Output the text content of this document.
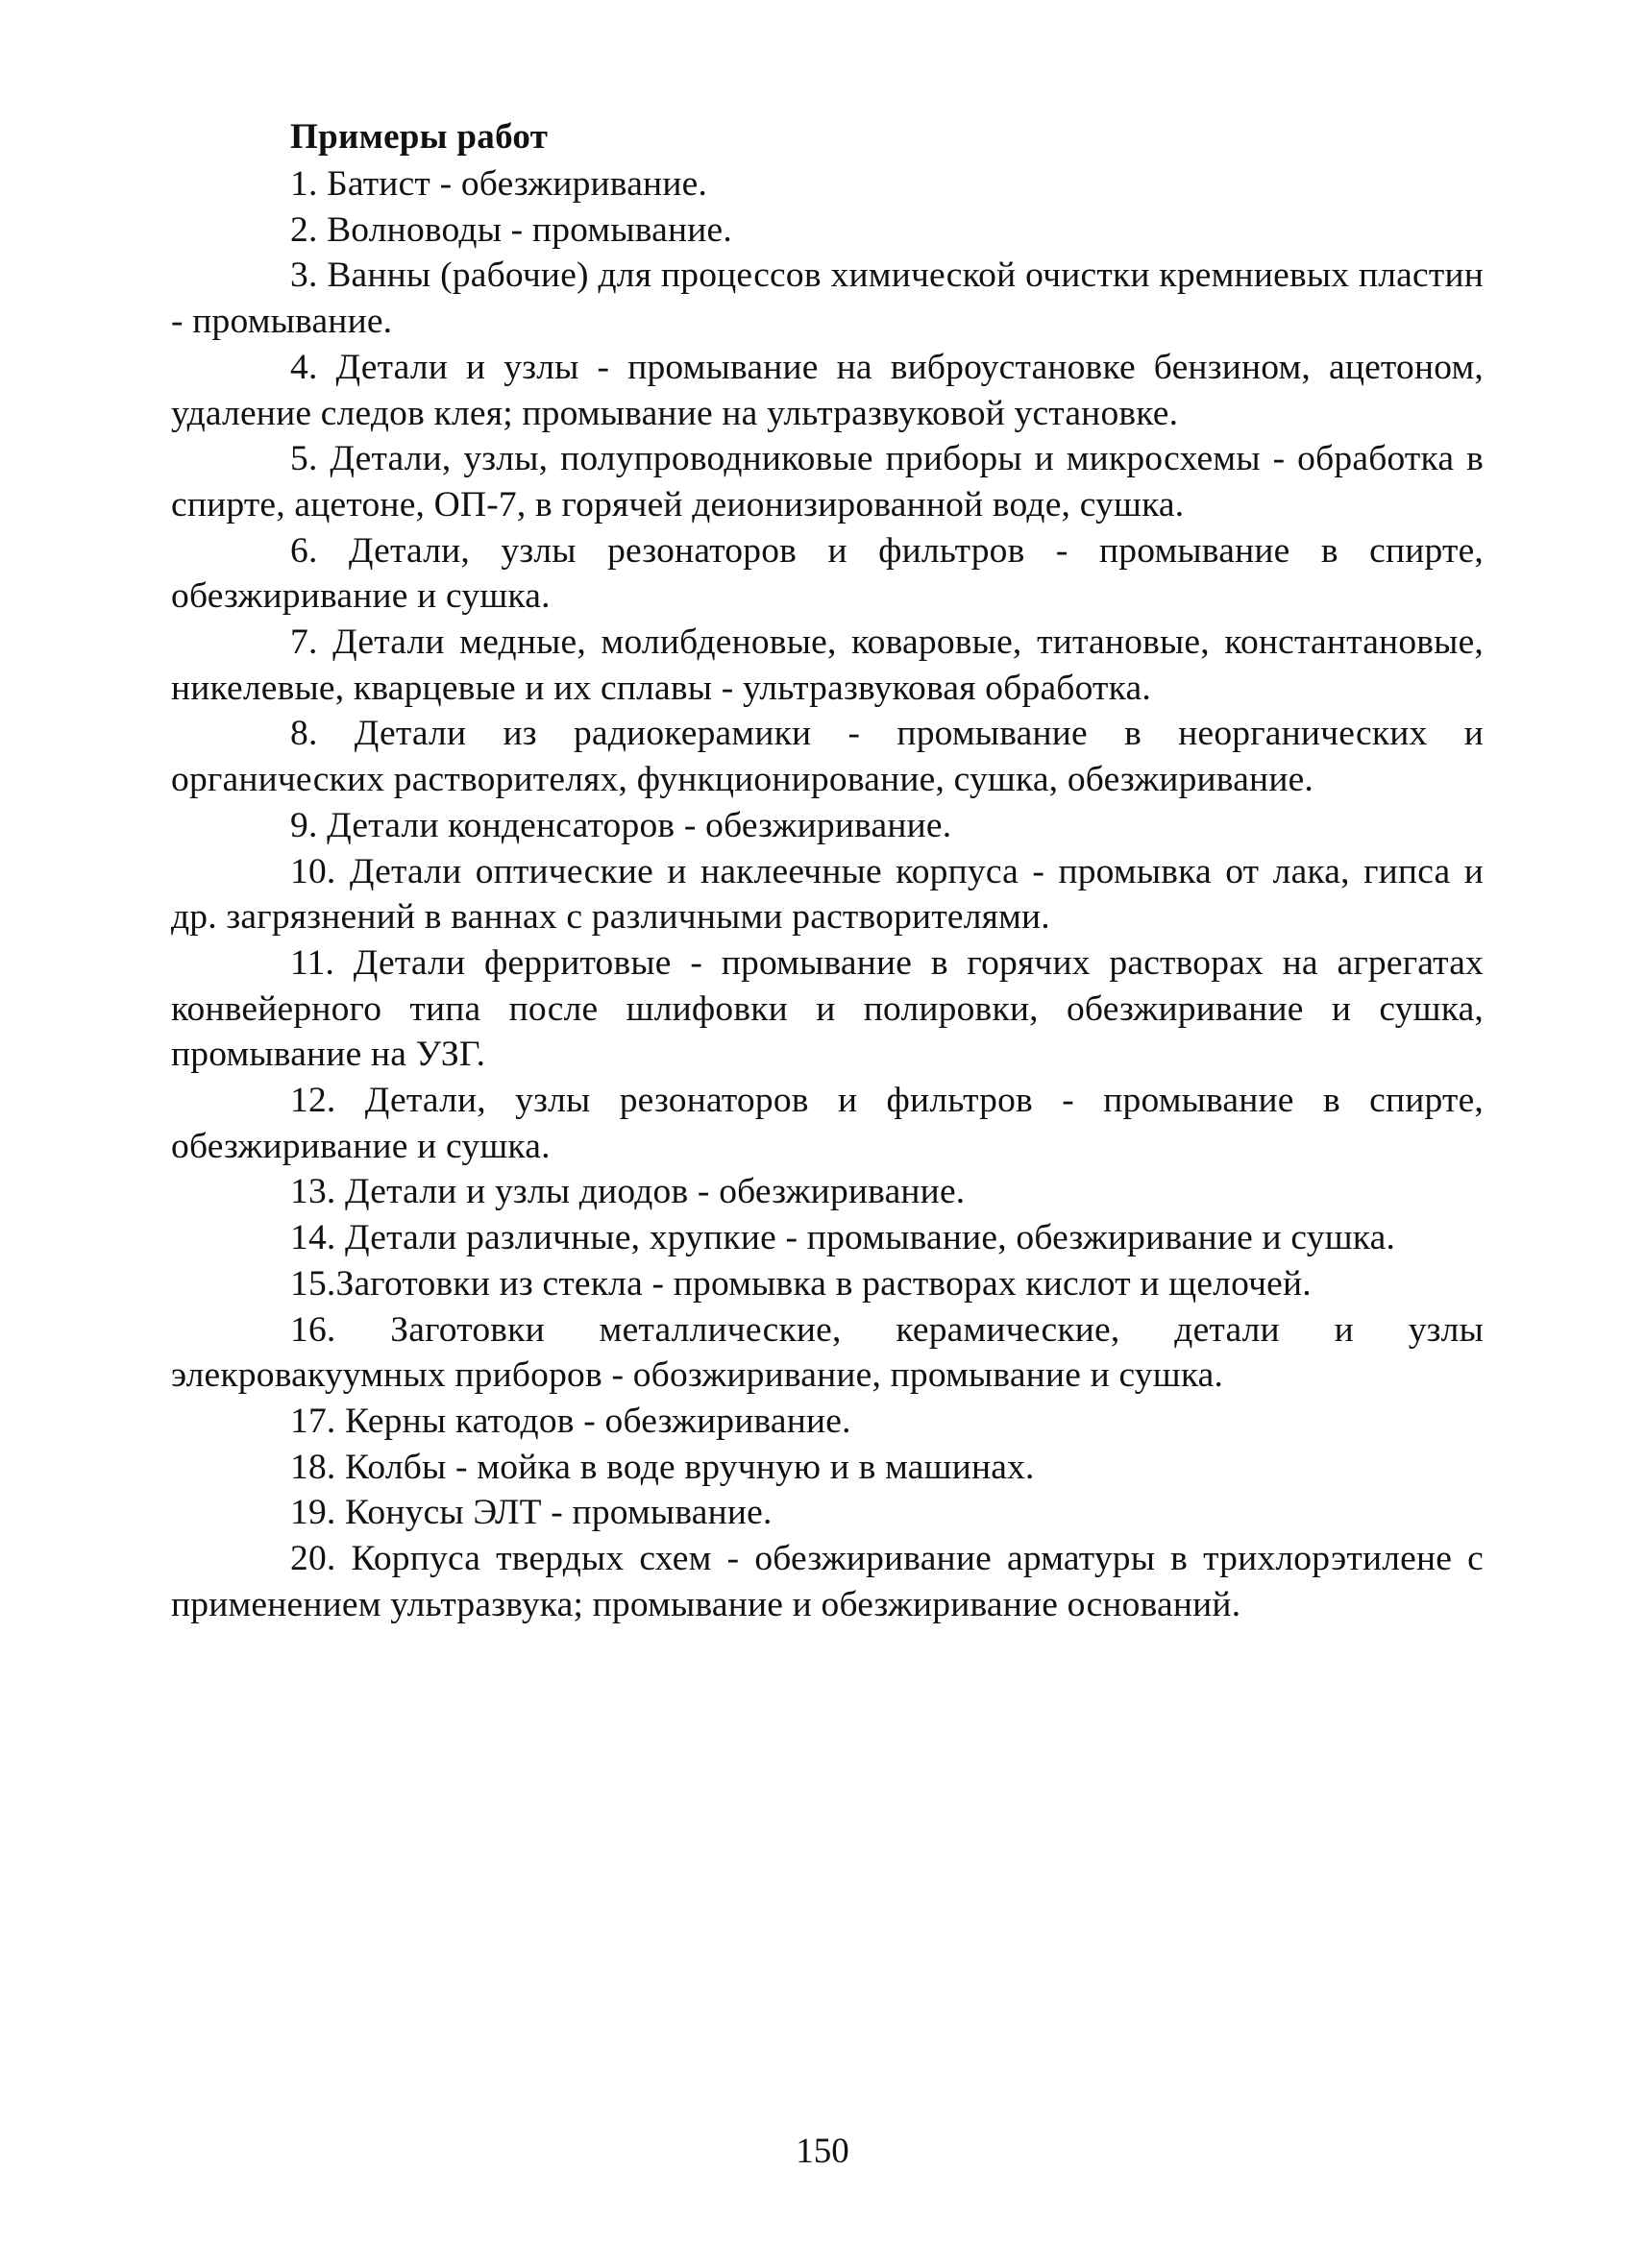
Примеры работ
1. Батист - обезжиривание.
2. Волноводы - промывание.
3. Ванны (рабочие) для процессов химической очистки кремниевых пластин - промывание.
4. Детали и узлы - промывание на виброустановке бензином, ацетоном, удаление следов клея; промывание на ультразвуковой установке.
5. Детали, узлы, полупроводниковые приборы и микросхемы - обработка в спирте, ацетоне, ОП-7, в горячей деионизированной воде, сушка.
6. Детали, узлы резонаторов и фильтров - промывание в спирте, обезжиривание и сушка.
7. Детали медные, молибденовые, коваровые, титановые, константановые, никелевые, кварцевые и их сплавы - ультразвуковая обработка.
8. Детали из радиокерамики - промывание в неорганических и органических растворителях, функционирование, сушка, обезжиривание.
9. Детали конденсаторов - обезжиривание.
10. Детали оптические и наклеечные корпуса - промывка от лака, гипса и др. загрязнений в ваннах с различными растворителями.
11. Детали ферритовые - промывание в горячих растворах на агрегатах конвейерного типа после шлифовки и полировки, обезжиривание и сушка, промывание на УЗГ.
12. Детали, узлы резонаторов и фильтров - промывание в спирте, обезжиривание и сушка.
13. Детали и узлы диодов - обезжиривание.
14. Детали различные, хрупкие - промывание, обезжиривание и сушка.
15.Заготовки из стекла - промывка в растворах кислот и щелочей.
16. Заготовки металлические, керамические, детали и узлы элекровакуумных приборов - обозжиривание, промывание и сушка.
17. Керны катодов - обезжиривание.
18. Колбы - мойка в воде вручную и в машинах.
19. Конусы ЭЛТ - промывание.
20. Корпуса твердых схем - обезжиривание арматуры в трихлорэтилене с применением ультразвука; промывание и обезжиривание оснований.
150
